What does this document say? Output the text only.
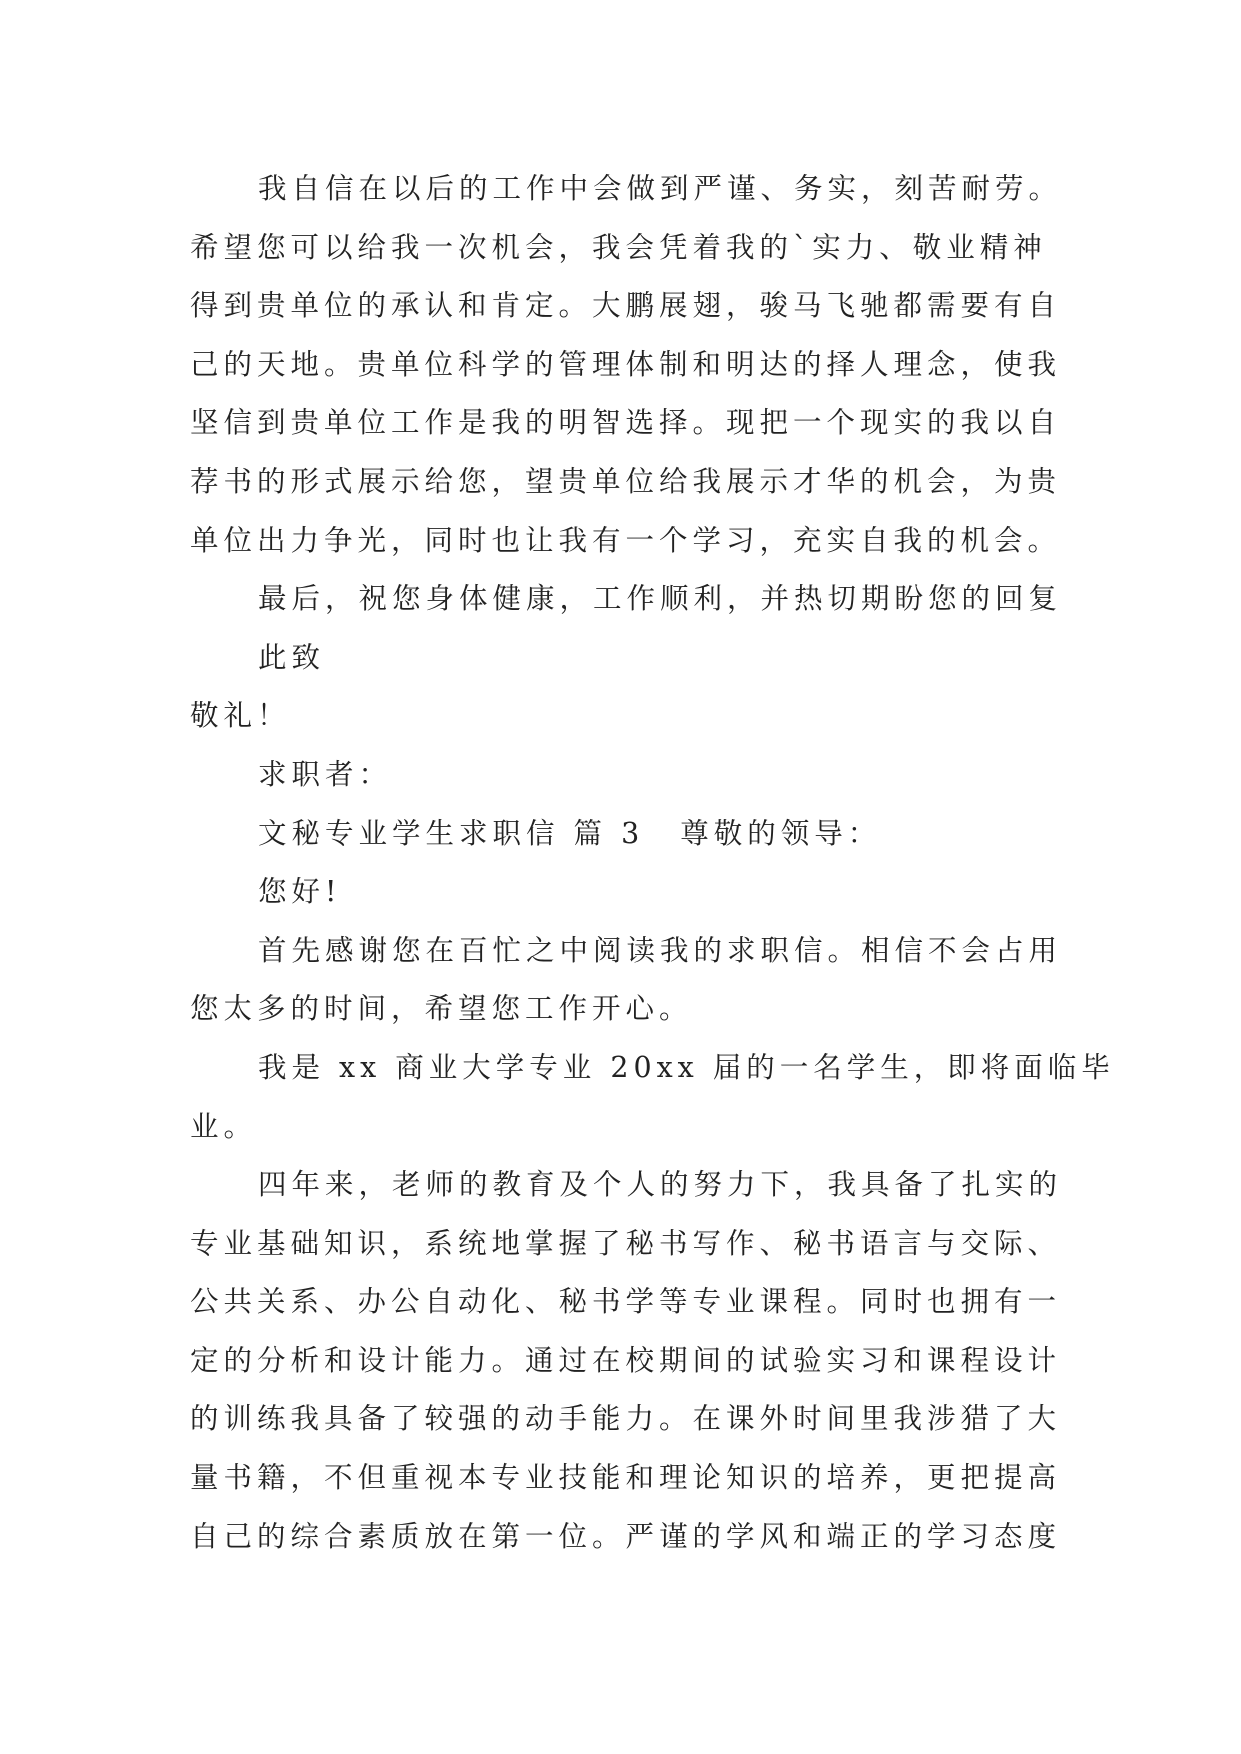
我自信在以后的工作中会做到严谨、务实，刻苦耐劳。
希望您可以给我一次机会，我会凭着我的`实力、敬业精神
得到贵单位的承认和肯定。大鹏展翅，骏马飞驰都需要有自
己的天地。贵单位科学的管理体制和明达的择人理念，使我
坚信到贵单位工作是我的明智选择。现把一个现实的我以自
荐书的形式展示给您，望贵单位给我展示才华的机会，为贵
单位出力争光，同时也让我有一个学习，充实自我的机会。
最后，祝您身体健康，工作顺利，并热切期盼您的回复
此致
敬礼！
求职者：
文秘专业学生求职信 篇 3 尊敬的领导：
您好!
首先感谢您在百忙之中阅读我的求职信。相信不会占用
您太多的时间，希望您工作开心。
我是 xx 商业大学专业 20xx 届的一名学生，即将面临毕
业。
四年来，老师的教育及个人的努力下，我具备了扎实的
专业基础知识，系统地掌握了秘书写作、秘书语言与交际、
公共关系、办公自动化、秘书学等专业课程。同时也拥有一
定的分析和设计能力。通过在校期间的试验实习和课程设计
的训练我具备了较强的动手能力。在课外时间里我涉猎了大
量书籍，不但重视本专业技能和理论知识的培养，更把提高
自己的综合素质放在第一位。严谨的学风和端正的学习态度
